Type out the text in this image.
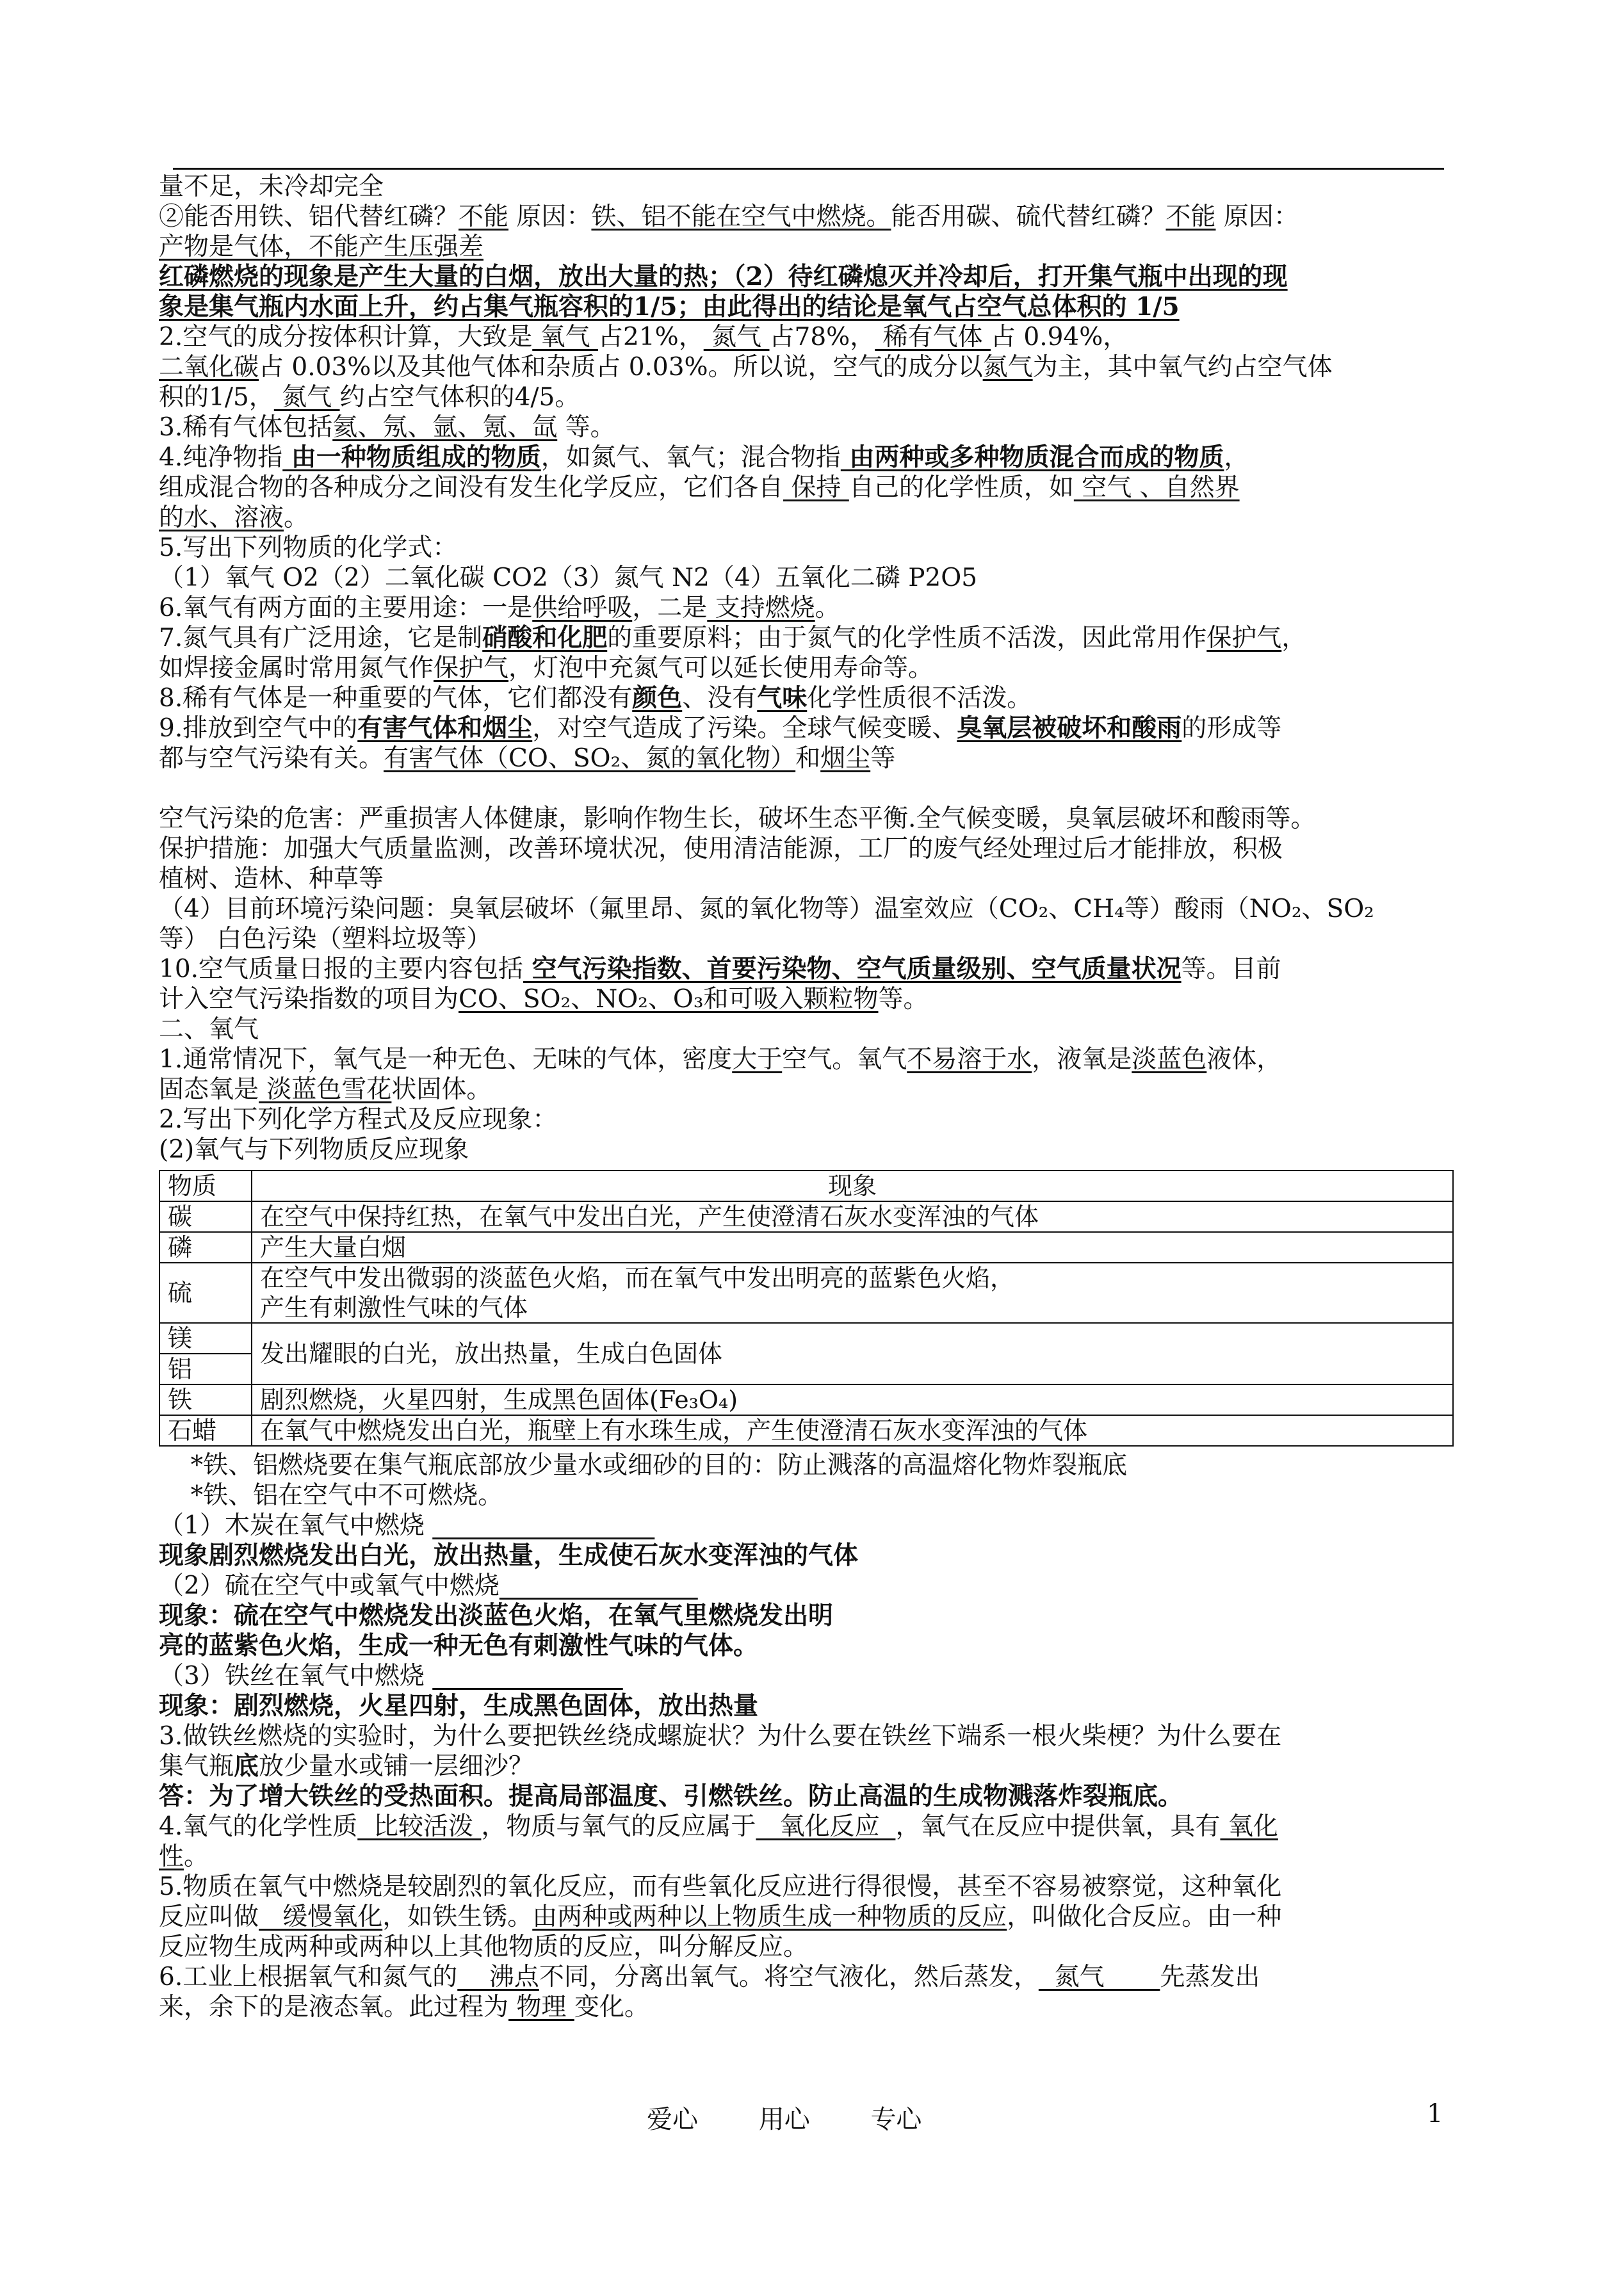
量不足，未冷却完全

②能否用铁、铝代替红磷？不能 原因：铁、铝不能在空气中燃烧。能否用碳、硫代替红磷？不能 原因：

产物是气体，不能产生压强差

红磷燃烧的现象是产生大量的白烟，放出大量的热；（2）待红磷熄灭并冷却后，打开集气瓶中出现的现

象是集气瓶内水面上升，约占集气瓶容积的1/5；由此得出的结论是氧气占空气总体积的 1/5

2.空气的成分按体积计算，大致是 氧气 占21%， 氮气 占78%， 稀有气体 占 0.94%，

二氧化碳占 0.03%以及其他气体和杂质占 0.03%。所以说，空气的成分以氮气为主，其中氧气约占空气体

积的1/5， 氮气 约占空气体积的4/5。

3.稀有气体包括氦、氖、氩、氪、氙 等。

4.纯净物指 由一种物质组成的物质，如氮气、氧气；混合物指 由两种或多种物质混合而成的物质，

组成混合物的各种成分之间没有发生化学反应，它们各自 保持 自己的化学性质，如 空气 、自然界

的水、溶液。

5.写出下列物质的化学式：

（1）氧气 O2（2）二氧化碳 CO2（3）氮气 N2（4）五氧化二磷 P2O5

6.氧气有两方面的主要用途：一是供给呼吸，二是 支持燃烧。

7.氮气具有广泛用途，它是制硝酸和化肥的重要原料；由于氮气的化学性质不活泼，因此常用作保护气，

如焊接金属时常用氮气作保护气，灯泡中充氮气可以延长使用寿命等。

8.稀有气体是一种重要的气体，它们都没有颜色、没有气味化学性质很不活泼。

9.排放到空气中的有害气体和烟尘，对空气造成了污染。全球气候变暖、臭氧层被破坏和酸雨的形成等

都与空气污染有关。有害气体（CO、SO₂、氮的氧化物）和烟尘等

空气污染的危害：严重损害人体健康，影响作物生长，破坏生态平衡.全气候变暖，臭氧层破坏和酸雨等。

保护措施：加强大气质量监测，改善环境状况，使用清洁能源，工厂的废气经处理过后才能排放，积极

植树、造林、种草等

（4）目前环境污染问题：臭氧层破坏（氟里昂、氮的氧化物等）温室效应（CO₂、CH₄等）酸雨（NO₂、SO₂

等） 白色污染（塑料垃圾等）

10.空气质量日报的主要内容包括 空气污染指数、首要污染物、空气质量级别、空气质量状况等。目前

计入空气污染指数的项目为CO、SO₂、NO₂、O₃和可吸入颗粒物等。

二、氧气

1.通常情况下，氧气是一种无色、无味的气体，密度大于空气。氧气不易溶于水，液氧是淡蓝色液体，

固态氧是 淡蓝色雪花状固体。

2.写出下列化学方程式及反应现象：

(2)氧气与下列物质反应现象

物质	现象
碳	在空气中保持红热，在氧气中发出白光，产生使澄清石灰水变浑浊的气体
磷	产生大量白烟
硫	在空气中发出微弱的淡蓝色火焰，而在氧气中发出明亮的蓝紫色火焰，
产生有刺激性气味的气体

镁	发出耀眼的白光，放出热量，生成白色固体
铝	
铁	剧烈燃烧，火星四射，生成黑色固体(Fe₃O₄)
石蜡	在氧气中燃烧发出白光，瓶壁上有水珠生成，产生使澄清石灰水变浑浊的气体

*铁、铝燃烧要在集气瓶底部放少量水或细砂的目的：防止溅落的高温熔化物炸裂瓶底

*铁、铝在空气中不可燃烧。

（1）木炭在氧气中燃烧

现象剧烈燃烧发出白光，放出热量，生成使石灰水变浑浊的气体

（2）硫在空气中或氧气中燃烧

现象：硫在空气中燃烧发出淡蓝色火焰，在氧气里燃烧发出明

亮的蓝紫色火焰，生成一种无色有刺激性气味的气体。

（3）铁丝在氧气中燃烧

现象：剧烈燃烧，火星四射，生成黑色固体，放出热量

3.做铁丝燃烧的实验时，为什么要把铁丝绕成螺旋状？为什么要在铁丝下端系一根火柴梗？为什么要在

集气瓶底放少量水或铺一层细沙？

答：为了增大铁丝的受热面积。提高局部温度、引燃铁丝。防止高温的生成物溅落炸裂瓶底。

4.氧气的化学性质  比较活泼 ，物质与氧气的反应属于   氧化反应  ，氧气在反应中提供氧，具有 氧化

性。

5.物质在氧气中燃烧是较剧烈的氧化反应，而有些氧化反应进行得很慢，甚至不容易被察觉，这种氧化

反应叫做   缓慢氧化，如铁生锈。由两种或两种以上物质生成一种物质的反应，叫做化合反应。由一种

反应物生成两种或两种以上其他物质的反应，叫分解反应。

6.工业上根据氧气和氮气的    沸点不同，分离出氧气。将空气液化，然后蒸发，  氮气       先蒸发出

来，余下的是液态氧。此过程为 物理 变化。

爱心 用心 专心	1
